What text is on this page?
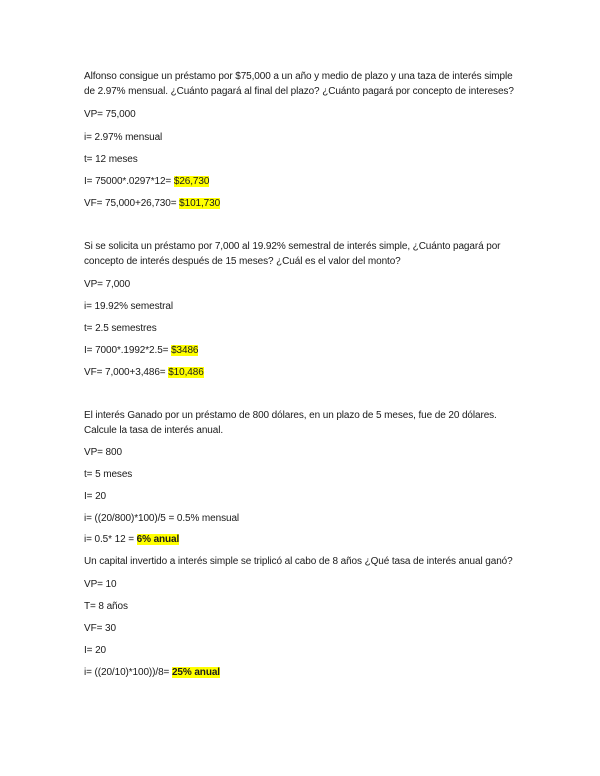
Alfonso consigue un préstamo por $75,000 a un año y medio de plazo y una taza de interés simple
de 2.97% mensual. ¿Cuánto pagará al final del plazo? ¿Cuánto pagará por concepto de intereses?
VP= 75,000
i= 2.97% mensual
t= 12 meses
I= 75000*.0297*12= $26,730
VF= 75,000+26,730= $101,730
Si se solicita un préstamo por 7,000 al 19.92% semestral de interés simple, ¿Cuánto pagará por
concepto de interés después de 15 meses? ¿Cuál es el valor del monto?
VP= 7,000
i= 19.92% semestral
t= 2.5 semestres
I= 7000*.1992*2.5= $3486
VF= 7,000+3,486= $10,486
El interés Ganado por un préstamo de 800 dólares, en un plazo de 5 meses, fue de 20 dólares.
Calcule la tasa de interés anual.
VP= 800
t= 5 meses
I= 20
i= ((20/800)*100)/5 = 0.5% mensual
i= 0.5* 12 = 6% anual
Un capital invertido a interés simple se triplicó al cabo de 8 años ¿Qué tasa de interés anual ganó?
VP= 10
T= 8 años
VF= 30
I= 20
i= ((20/10)*100))/8= 25% anual
